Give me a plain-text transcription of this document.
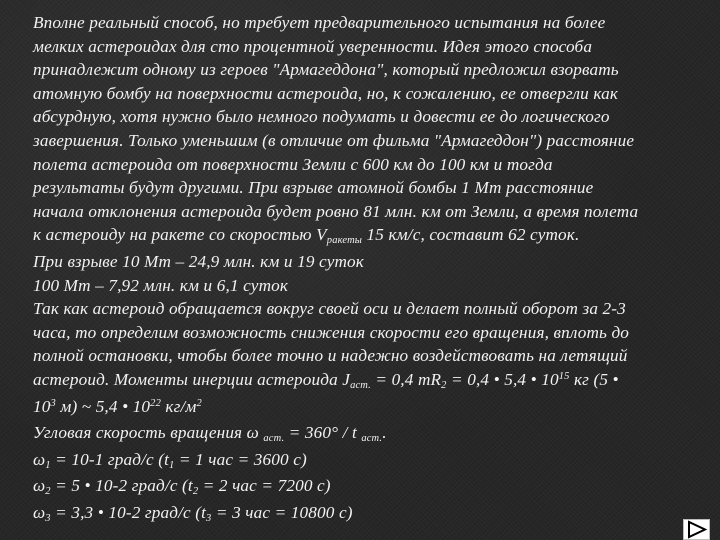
Вполне реальный способ, но требует предварительного испытания на более
мелких астероидах для сто процентной уверенности. Идея этого способа
принадлежит одному из героев "Армагеддона", который предложил взорвать
атомную бомбу на поверхности астероида, но, к сожалению, ее отвергли как
абсурдную, хотя нужно было немного подумать и довести ее до логического
завершения. Только уменьшим (в отличие от фильма "Армагеддон") расстояние
полета астероида от поверхности Земли с 600 км до 100 км и тогда
результаты будут другими. При взрыве атомной бомбы 1 Мт расстояние
начала отклонения астероида будет ровно 81 млн. км от Земли, а время полета
к астероиду на ракете со скоростью Vракеты 15 км/с, составит 62 суток.
При взрыве 10 Мт – 24,9 млн. км и 19 суток
100 Мт – 7,92 млн. км и 6,1 суток
Так как астероид обращается вокруг своей оси и делает полный оборот за 2-3
часа, то определим возможность снижения скорости его вращения, вплоть до
полной остановки, чтобы более точно и надежно воздействовать на летящий
астероид. Моменты инерции астероида Jаст. = 0,4 mR2 = 0,4 • 5,4 • $10^{15}$ кг (5 •
$10^3$ м) ~ 5,4 • $10^{22}$ $кг/м^2$
Угловая скорость вращения ω аст. = 360° / t аст..
ω1 = 10-1 град/с (t1 = 1 час = 3600 с)
ω2 = 5 • 10-2 град/с (t2 = 2 час = 7200 с)
ω3 = 3,3 • 10-2 град/с (t3 = 3 час = 10800 с)
